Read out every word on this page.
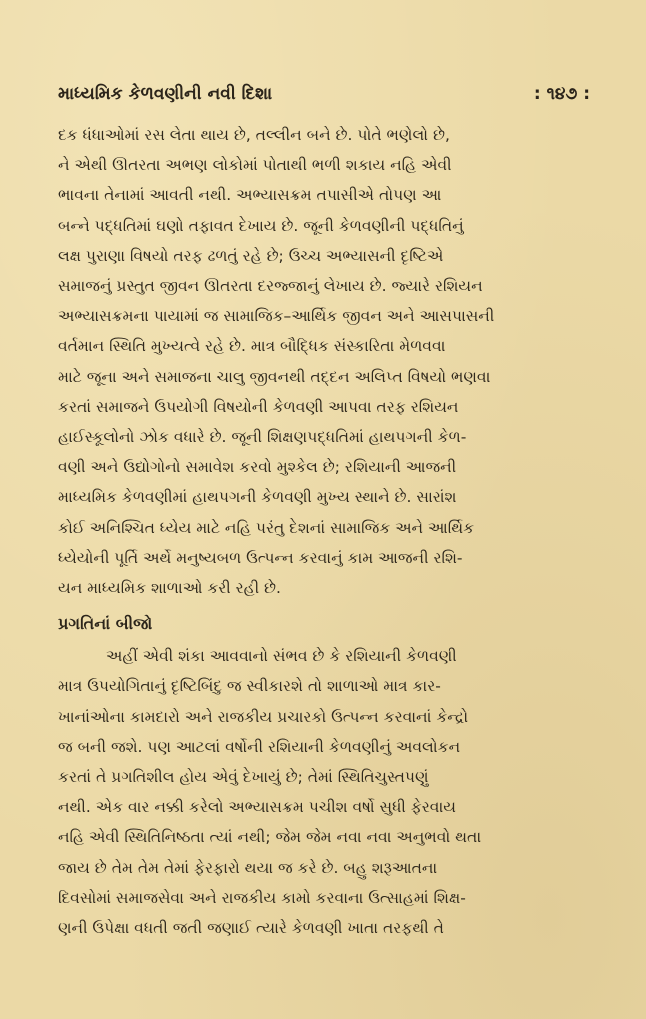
માધ્યમિક કેળવણીની નવી દિશા	: ૧૪૭ :
દક ધંધાઓમાં રસ લેતા થાય છે, તલ્લીન બને છે. પોતે ભણેલો છે,
ને એથી ઊતરતા અભણ લોકોમાં પોતાથી ભળી શકાય નહિ એવી
ભાવના તેનામાં આવતી નથી. અભ્યાસક્રમ તપાસીએ તોપણ આ
બન્ને પદ્ધતિમાં ઘણો તફાવત દેખાય છે. જૂની કેળવણીની પદ્ધતિનું
લક્ષ પુરાણા વિષયો તરફ ઢળતું રહે છે; ઉચ્ચ અભ્યાસની દૃષ્ટિએ
સમાજનું પ્રસ્તુત જીવન ઊતરતા દરજ્જાનું લેખાય છે. જ્યારે રશિયન
અભ્યાસક્રમના પાયામાં જ સામાજિક–આર્થિક જીવન અને આસપાસની
વર્તમાન સ્થિતિ મુખ્યત્વે રહે છે. માત્ર બૌદ્ધિક સંસ્કારિતા મેળવવા
માટે જૂના અને સમાજના ચાલુ જીવનથી તદ્દન અલિપ્ત વિષયો ભણવા
કરતાં સમાજને ઉપયોગી વિષયોની કેળવણી આપવા તરફ રશિયન
હાઈસ્કૂલોનો ઝોક વધારે છે. જૂની શિક્ષણપદ્ધતિમાં હાથપગની કેળ-
વણી અને ઉદ્યોગોનો સમાવેશ કરવો મુશ્કેલ છે; રશિયાની આજની
માધ્યમિક કેળવણીમાં હાથપગની કેળવણી મુખ્ય સ્થાને છે. સારાંશ
કોઈ અનિશ્ચિત ધ્યેય માટે નહિ પરંતુ દેશનાં સામાજિક અને આર્થિક
ધ્યેયોની પૂર્તિ અર્થે મનુષ્યબળ ઉત્પન્ન કરવાનું કામ આજની રશિ-
યન માધ્યમિક શાળાઓ કરી રહી છે.
પ્રગતિનાં બીજો
અહીં એવી શંકા આવવાનો સંભવ છે કે રશિયાની કેળવણી
માત્ર ઉપયોગિતાનું દૃષ્ટિબિંદુ જ સ્વીકારશે તો શાળાઓ માત્ર કાર-
ખાનાંઓના કામદારો અને રાજકીય પ્રચારકો ઉત્પન્ન કરવાનાં કેન્દ્રો
જ બની જશે. પણ આટલાં વર્ષોની રશિયાની કેળવણીનું અવલોકન
કરતાં તે પ્રગતિશીલ હોય એવું દેખાયું છે; તેમાં સ્થિતિચુસ્તપણું
નથી. એક વાર નક્કી કરેલો અભ્યાસક્રમ પચીશ વર્ષો સુધી ફેરવાય
નહિ એવી સ્થિતિનિષ્ઠતા ત્યાં નથી; જેમ જેમ નવા નવા અનુભવો થતા
જાય છે તેમ તેમ તેમાં ફેરફારો થયા જ કરે છે. બહુ શરૂઆતના
દિવસોમાં સમાજસેવા અને રાજકીય કામો કરવાના ઉત્સાહમાં શિક્ષ-
ણની ઉપેક્ષા વધતી જતી જણાઈ ત્યારે કેળવણી ખાતા તરફથી તે
